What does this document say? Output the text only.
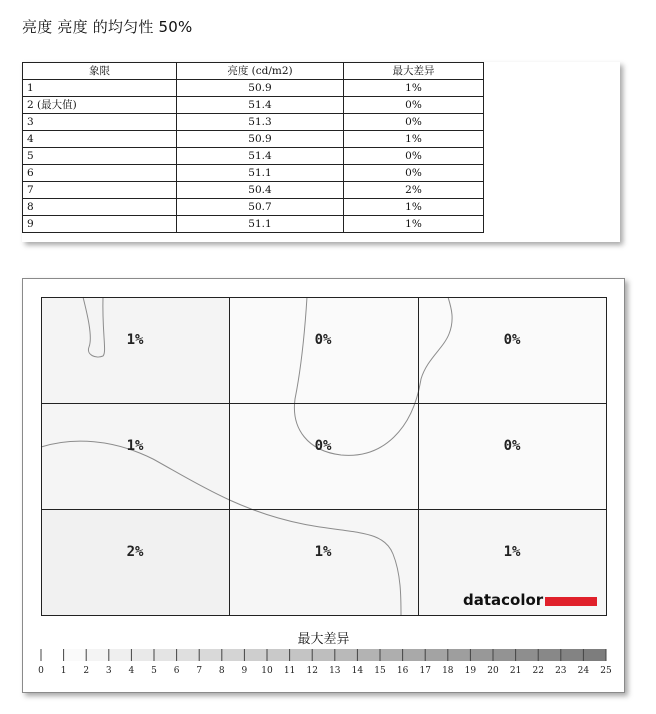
亮度 亮度 的均匀性 50%
象限	亮度 (cd/m2)	最大差异
1	50.9	1%
2 (最大值)	51.4	0%
3	51.3	0%
4	50.9	1%
5	51.4	0%
6	51.1	0%
7	50.4	2%
8	50.7	1%
9	51.1	1%
1%	0%	0%
1%	0%	0%
2%	1%	1%
datacolor
0 1 2 3 4 5 6 7 8 9 10 11 12 13 14 15 16 17 18 19 20 21 22 23 24 25
最大差异
